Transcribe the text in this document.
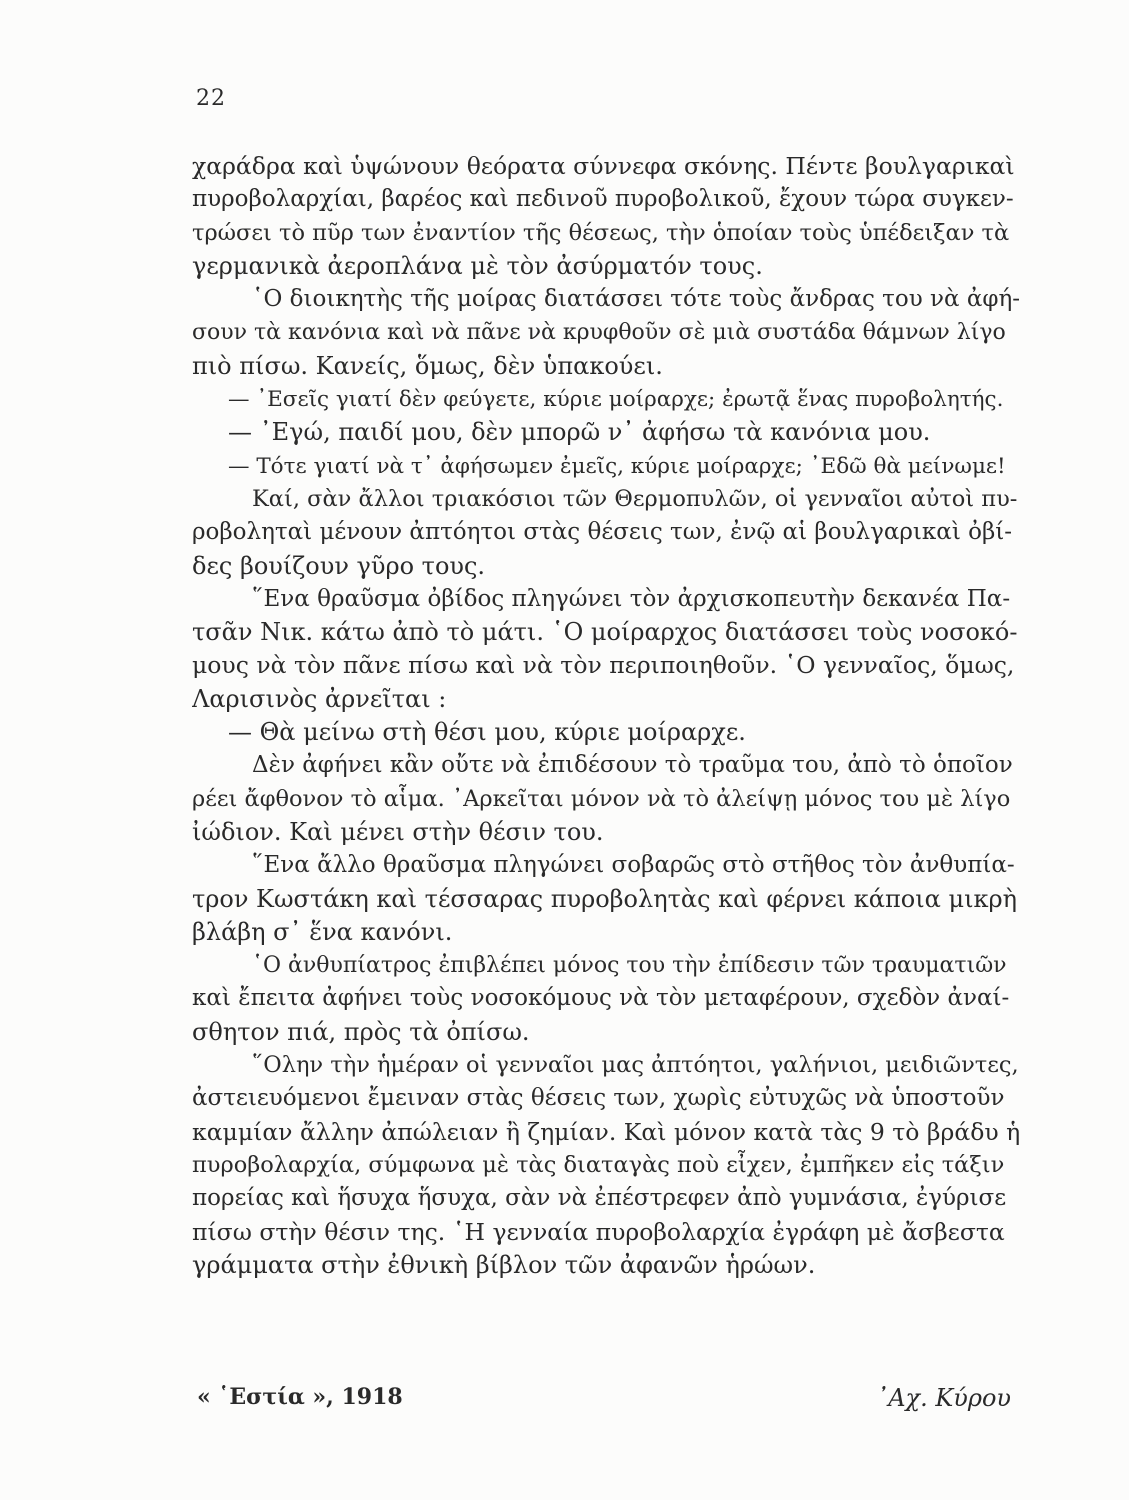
22
χαράδρα καὶ ὑψώνουν θεόρατα σύννεφα σκόνης. Πέντε βουλγαρικαὶ
πυροβολαρχίαι, βαρέος καὶ πεδινοῦ πυροβολικοῦ, ἔχουν τώρα συγκεν-
τρώσει τὸ πῦρ των ἐναντίον τῆς θέσεως, τὴν ὁποίαν τοὺς ὑπέδειξαν τὰ
γερμανικὰ ἀεροπλάνα μὲ τὸν ἀσύρματόν τους.
῾Ο διοικητὴς τῆς μοίρας διατάσσει τότε τοὺς ἄνδρας του νὰ ἀφή-
σουν τὰ κανόνια καὶ νὰ πᾶνε νὰ κρυφθοῦν σὲ μιὰ συστάδα θάμνων λίγο
πιὸ πίσω. Κανείς, ὅμως, δὲν ὑπακούει.
— ᾿Εσεῖς γιατί δὲν φεύγετε, κύριε μοίραρχε; ἐρωτᾷ ἕνας πυροβολητής.
— ᾿Εγώ, παιδί μου, δὲν μπορῶ ν᾿ ἀφήσω τὰ κανόνια μου.
— Τότε γιατί νὰ τ᾿ ἀφήσωμεν ἐμεῖς, κύριε μοίραρχε; ᾿Εδῶ θὰ μείνωμε!
Καί, σὰν ἄλλοι τριακόσιοι τῶν Θερμοπυλῶν, οἱ γενναῖοι αὐτοὶ πυ-
ροβοληταὶ μένουν ἀπτόητοι στὰς θέσεις των, ἐνῷ αἱ βουλγαρικαὶ ὀβί-
δες βουίζουν γῦρο τους.
῞Ενα θραῦσμα ὀβίδος πληγώνει τὸν ἀρχισκοπευτὴν δεκανέα Πα-
τσᾶν Νικ. κάτω ἀπὸ τὸ μάτι. ῾Ο μοίραρχος διατάσσει τοὺς νοσοκό-
μους νὰ τὸν πᾶνε πίσω καὶ νὰ τὸν περιποιηθοῦν. ῾Ο γενναῖος, ὅμως,
Λαρισινὸς ἀρνεῖται :
— Θὰ μείνω στὴ θέσι μου, κύριε μοίραρχε.
Δὲν ἀφήνει κἂν οὔτε νὰ ἐπιδέσουν τὸ τραῦμα του, ἀπὸ τὸ ὁποῖον
ρέει ἄφθονον τὸ αἷμα. ᾿Αρκεῖται μόνον νὰ τὸ ἀλείψῃ μόνος του μὲ λίγο
ἰώδιον. Καὶ μένει στὴν θέσιν του.
῞Ενα ἄλλο θραῦσμα πληγώνει σοβαρῶς στὸ στῆθος τὸν ἀνθυπία-
τρον Κωστάκη καὶ τέσσαρας πυροβολητὰς καὶ φέρνει κάποια μικρὴ
βλάβη σ᾿ ἕνα κανόνι.
῾Ο ἀνθυπίατρος ἐπιβλέπει μόνος του τὴν ἐπίδεσιν τῶν τραυματιῶν
καὶ ἔπειτα ἀφήνει τοὺς νοσοκόμους νὰ τὸν μεταφέρουν, σχεδὸν ἀναί-
σθητον πιά, πρὸς τὰ ὀπίσω.
῞Ολην τὴν ἡμέραν οἱ γενναῖοι μας ἀπτόητοι, γαλήνιοι, μειδιῶντες,
ἀστειευόμενοι ἔμειναν στὰς θέσεις των, χωρὶς εὐτυχῶς νὰ ὑποστοῦν
καμμίαν ἄλλην ἀπώλειαν ἢ ζημίαν. Καὶ μόνον κατὰ τὰς 9 τὸ βράδυ ἡ
πυροβολαρχία, σύμφωνα μὲ τὰς διαταγὰς ποὺ εἶχεν, ἐμπῆκεν εἰς τάξιν
πορείας καὶ ἥσυχα ἥσυχα, σὰν νὰ ἐπέστρεφεν ἀπὸ γυμνάσια, ἐγύρισε
πίσω στὴν θέσιν της. ῾Η γενναία πυροβολαρχία ἐγράφη μὲ ἄσβεστα
γράμματα στὴν ἐθνικὴ βίβλον τῶν ἀφανῶν ἡρώων.
« ῾Εστία », 1918	᾿Αχ. Κύρου
